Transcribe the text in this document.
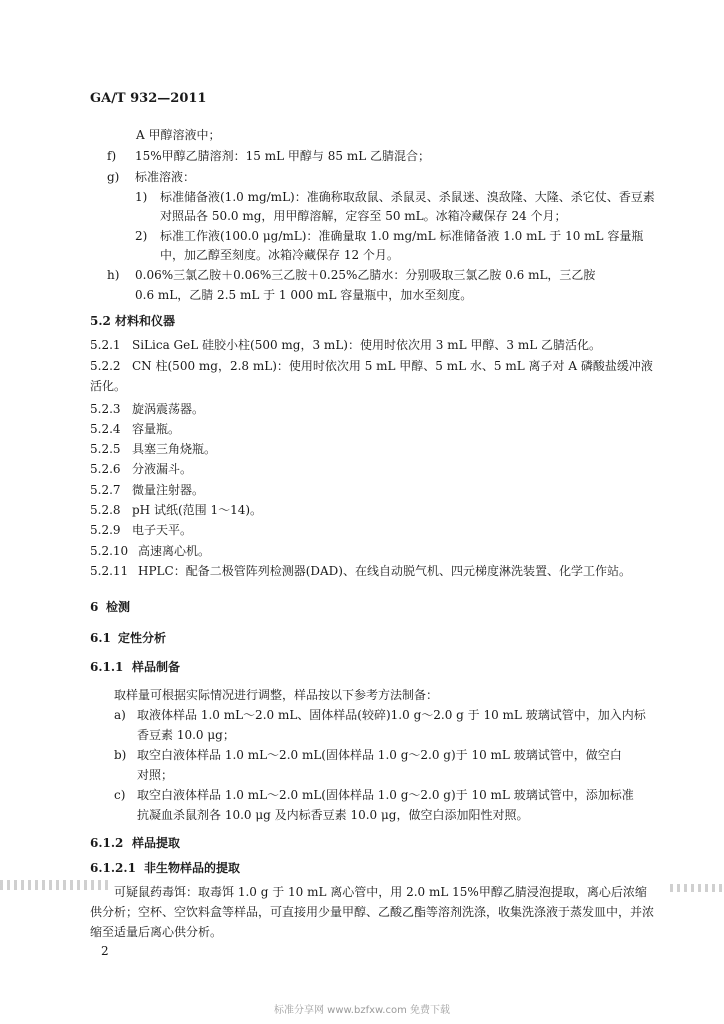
GA/T 932—2011
A 甲醇溶液中；
f) 15%甲醇乙腈溶剂：15 mL 甲醇与 85 mL 乙腈混合；
g) 标准溶液：
1) 标准储备液(1.0 mg/mL)：准确称取敌鼠、杀鼠灵、杀鼠迷、溴敌隆、大隆、杀它仗、香豆素
对照品各 50.0 mg，用甲醇溶解，定容至 50 mL。冰箱冷藏保存 24 个月；
2) 标准工作液(100.0 μg/mL)：准确量取 1.0 mg/mL 标准储备液 1.0 mL 于 10 mL 容量瓶
中，加乙醇至刻度。冰箱冷藏保存 12 个月。
h) 0.06%三氯乙胺＋0.06%三乙胺＋0.25%乙腈水：分别吸取三氯乙胺 0.6 mL，三乙胺
0.6 mL，乙腈 2.5 mL 于 1 000 mL 容量瓶中，加水至刻度。
5.2 材料和仪器
5.2.1 SiLica GeL 硅胶小柱(500 mg，3 mL)：使用时依次用 3 mL 甲醇、3 mL 乙腈活化。
5.2.2 CN 柱(500 mg，2.8 mL)：使用时依次用 5 mL 甲醇、5 mL 水、5 mL 离子对 A 磷酸盐缓冲液
活化。
5.2.3 旋涡震荡器。
5.2.4 容量瓶。
5.2.5 具塞三角烧瓶。
5.2.6 分液漏斗。
5.2.7 微量注射器。
5.2.8 pH 试纸(范围 1～14)。
5.2.9 电子天平。
5.2.10 高速离心机。
5.2.11 HPLC：配备二极管阵列检测器(DAD)、在线自动脱气机、四元梯度淋洗装置、化学工作站。
6 检测
6.1 定性分析
6.1.1 样品制备
取样量可根据实际情况进行调整，样品按以下参考方法制备：
a) 取液体样品 1.0 mL～2.0 mL、固体样品(较碎)1.0 g～2.0 g 于 10 mL 玻璃试管中，加入内标
香豆素 10.0 μg；
b) 取空白液体样品 1.0 mL～2.0 mL(固体样品 1.0 g～2.0 g)于 10 mL 玻璃试管中，做空白
对照；
c) 取空白液体样品 1.0 mL～2.0 mL(固体样品 1.0 g～2.0 g)于 10 mL 玻璃试管中，添加标准
抗凝血杀鼠剂各 10.0 μg 及内标香豆素 10.0 μg，做空白添加阳性对照。
6.1.2 样品提取
6.1.2.1 非生物样品的提取
可疑鼠药毒饵：取毒饵 1.0 g 于 10 mL 离心管中，用 2.0 mL 15%甲醇乙腈浸泡提取，离心后浓缩
供分析；空杯、空饮料盒等样品，可直接用少量甲醇、乙酸乙酯等溶剂洗涤，收集洗涤液于蒸发皿中，并浓
缩至适量后离心供分析。
2
标准分享网 www.bzfxw.com 免费下载
